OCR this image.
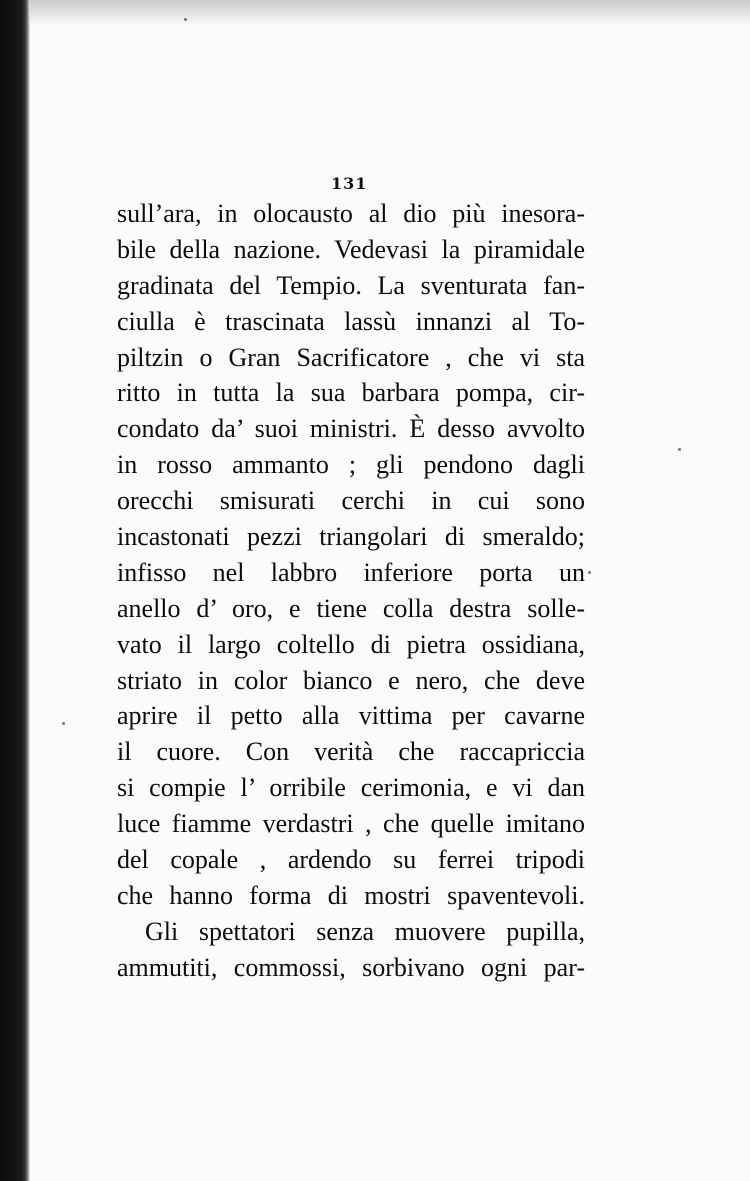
131
sull’ara, in olocausto al dio più inesora-
bile della nazione. Vedevasi la piramidale
gradinata del Tempio. La sventurata fan-
ciulla è trascinata lassù innanzi al To-
piltzin o Gran Sacrificatore , che vi sta
ritto in tutta la sua barbara pompa, cir-
condato da’ suoi ministri. È desso avvolto
in rosso ammanto ; gli pendono dagli
orecchi smisurati cerchi in cui sono
incastonati pezzi triangolari di smeraldo;
infisso nel labbro inferiore porta un
anello d’ oro, e tiene colla destra solle-
vato il largo coltello di pietra ossidiana,
striato in color bianco e nero, che deve
aprire il petto alla vittima per cavarne
il cuore. Con verità che raccapriccia
si compie l’ orribile cerimonia, e vi dan
luce fiamme verdastri , che quelle imitano
del copale , ardendo su ferrei tripodi
che hanno forma di mostri spaventevoli.
Gli spettatori senza muovere pupilla,
ammutiti, commossi, sorbivano ogni par-
